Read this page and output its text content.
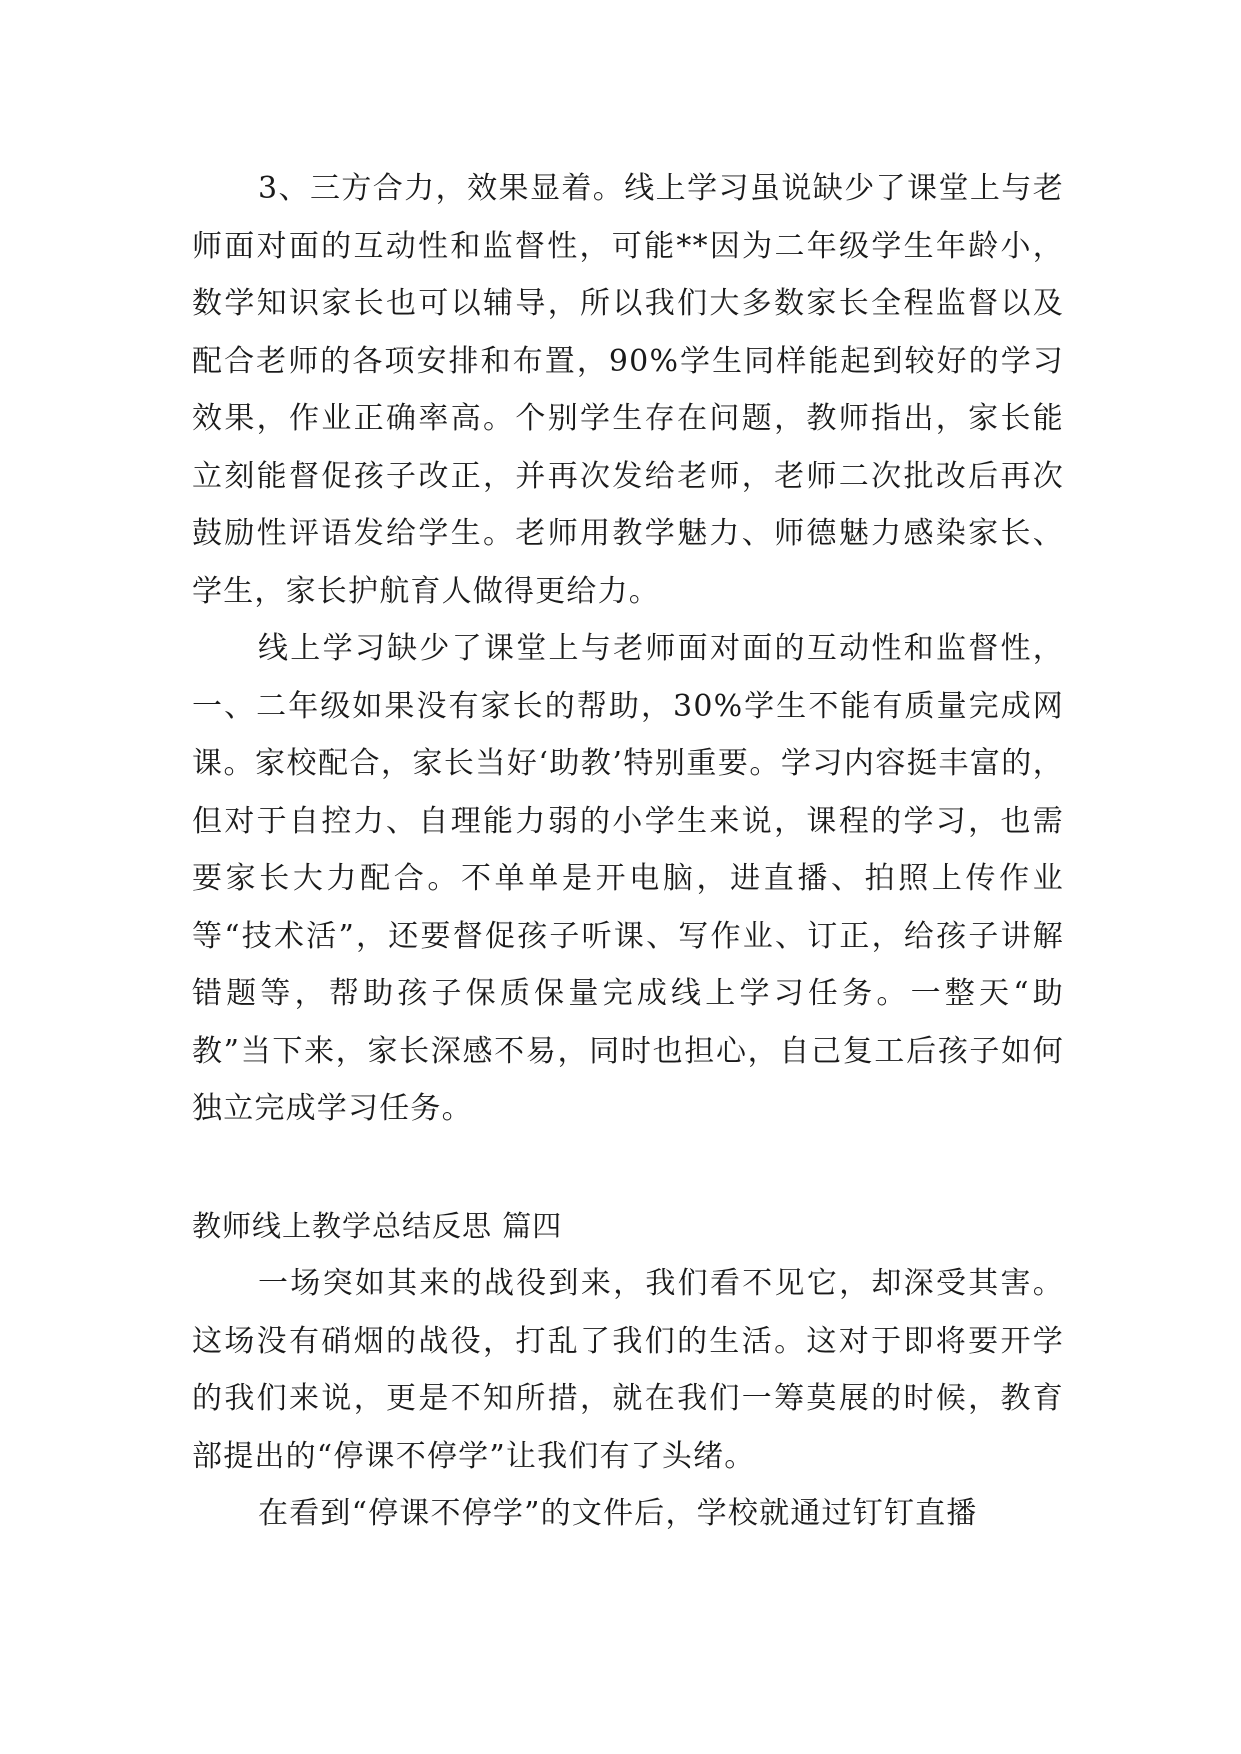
3、三方合力，效果显着。线上学习虽说缺少了课堂上与老师面对面的互动性和监督性，可能**因为二年级学生年龄小，数学知识家长也可以辅导，所以我们大多数家长全程监督以及配合老师的各项安排和布置，90%学生同样能起到较好的学习效果，作业正确率高。个别学生存在问题，教师指出，家长能立刻能督促孩子改正，并再次发给老师，老师二次批改后再次鼓励性评语发给学生。老师用教学魅力、师德魅力感染家长、学生，家长护航育人做得更给力。

线上学习缺少了课堂上与老师面对面的互动性和监督性，一、二年级如果没有家长的帮助，30%学生不能有质量完成网课。家校配合，家长当好‘助教’特别重要。学习内容挺丰富的，但对于自控力、自理能力弱的小学生来说，课程的学习，也需要家长大力配合。不单单是开电脑，进直播、拍照上传作业等“技术活”，还要督促孩子听课、写作业、订正，给孩子讲解错题等，帮助孩子保质保量完成线上学习任务。一整天“助教”当下来，家长深感不易，同时也担心，自己复工后孩子如何独立完成学习任务。

教师线上教学总结反思 篇四

一场突如其来的战役到来，我们看不见它，却深受其害。这场没有硝烟的战役，打乱了我们的生活。这对于即将要开学的我们来说，更是不知所措，就在我们一筹莫展的时候，教育部提出的“停课不停学”让我们有了头绪。

在看到“停课不停学”的文件后，学校就通过钉钉直播
